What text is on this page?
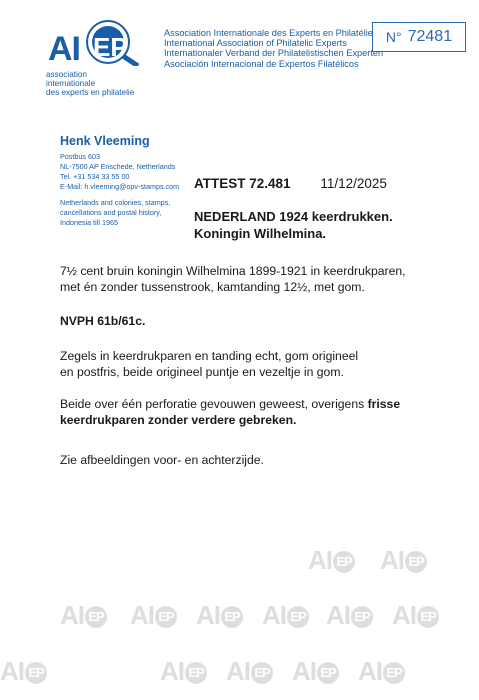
AI EP
association
internationale
des experts en philatelie
Association Internationale des Experts en Philatélie
International Association of Philatelic Experts
Internationaler Verband der Philatelistischen Experten
Asociación Internacional de Expertos Filatélicos
N° 72481
Henk Vleeming
Postbus 603
NL-7500 AP Enschede, Netherlands
Tel. +31 534 33 55 00
E-Mail: h.vleeming@opv-stamps.com
Netherlands and colonies, stamps,
cancellations and postal history,
Indonesia till 1965
ATTEST 72.481 11/12/2025
NEDERLAND 1924 keerdrukken.
Koningin Wilhelmina.
7½ cent bruin koningin Wilhelmina 1899-1921 in keerdrukparen,
met én zonder tussenstrook, kamtanding 12½, met gom.
NVPH 61b/61c.
Zegels in keerdrukparen en tanding echt, gom origineel
en postfris, beide origineel puntje en vezeltje in gom.
Beide over één perforatie gevouwen geweest, overigens frisse
keerdrukparen zonder verdere gebreken.
Zie afbeeldingen voor- en achterzijde.
AI EP AI EP
AI EP AI EP AI EP AI EP AI EP AI EP
AI EP	AI EP AI EP AI EP AI EP
